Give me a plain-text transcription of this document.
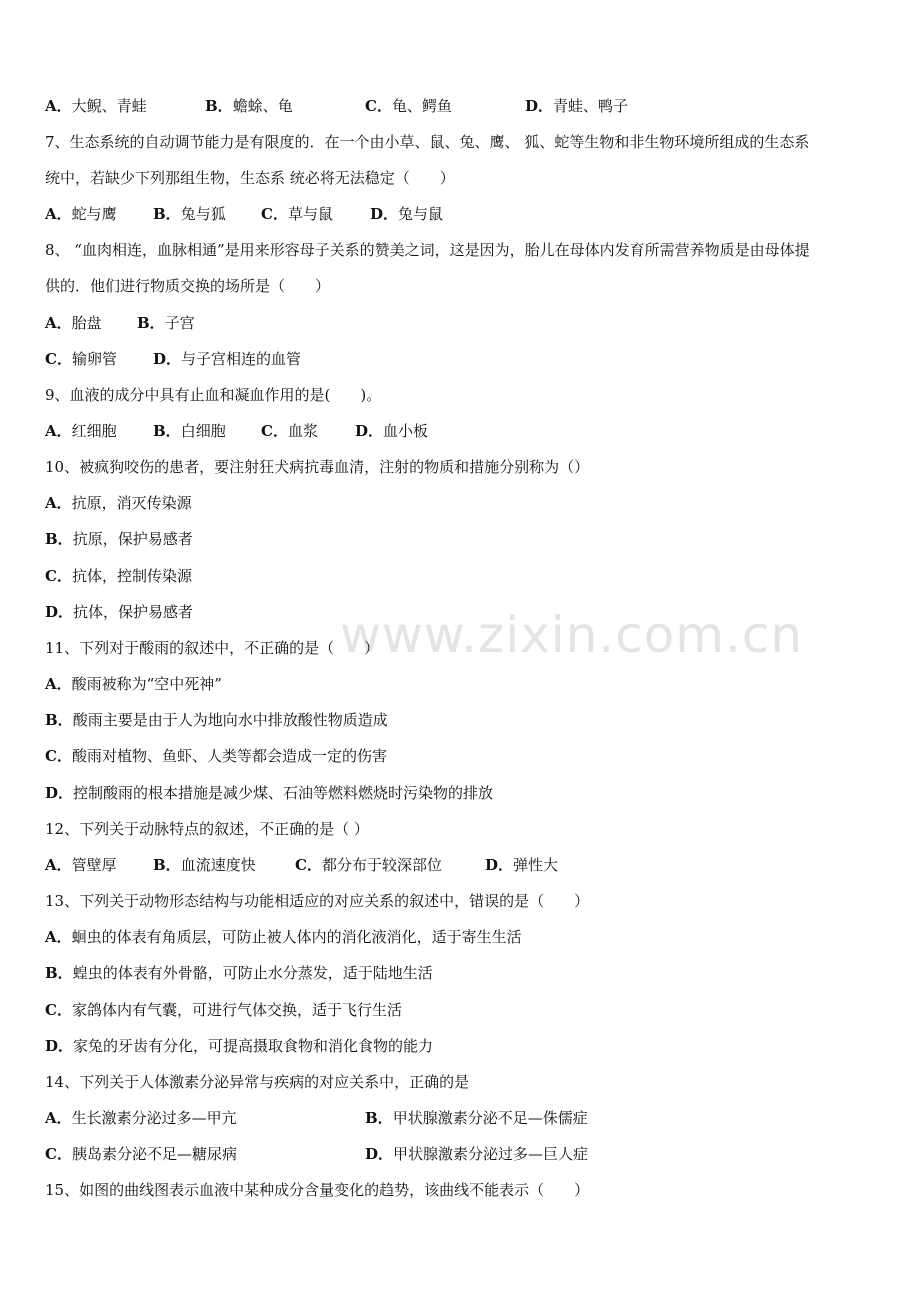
www.zixin.com.cn
A．大鲵、青蛙	B．蟾蜍、龟	C．龟、鳄鱼	D．青蛙、鸭子
7、生态系统的自动调节能力是有限度的．在一个由小草、鼠、兔、鹰、 狐、蛇等生物和非生物环境所组成的生态系
统中，若缺少下列那组生物，生态系 统必将无法稳定（　　）
A．蛇与鹰 B．兔与狐 C．草与鼠 D．兔与鼠
8、 “血肉相连，血脉相通”是用来形容母子关系的赞美之词，这是因为，胎儿在母体内发育所需营养物质是由母体提
供的．他们进行物质交换的场所是（　　）
A．胎盘 B．子宫
C．输卵管 D．与子宫相连的血管
9、血液的成分中具有止血和凝血作用的是(　　)。
A．红细胞 B．白细胞 C．血浆 D．血小板
10、被疯狗咬伤的患者，要注射狂犬病抗毒血清，注射的物质和措施分别称为（）
A．抗原，消灭传染源
B．抗原，保护易感者
C．抗体，控制传染源
D．抗体，保护易感者
11、下列对于酸雨的叙述中，不正确的是（　　）
A．酸雨被称为“空中死神”
B．酸雨主要是由于人为地向水中排放酸性物质造成
C．酸雨对植物、鱼虾、人类等都会造成一定的伤害
D．控制酸雨的根本措施是减少煤、石油等燃料燃烧时污染物的排放
12、下列关于动脉特点的叙述，不正确的是（ ）
A．管壁厚 B．血流速度快	C．都分布于较深部位	D．弹性大
13、下列关于动物形态结构与功能相适应的对应关系的叙述中，错误的是（　　）
A．蛔虫的体表有角质层，可防止被人体内的消化液消化，适于寄生生活
B．蝗虫的体表有外骨骼，可防止水分蒸发，适于陆地生活
C．家鸽体内有气囊，可进行气体交换，适于飞行生活
D．家兔的牙齿有分化，可提高摄取食物和消化食物的能力
14、下列关于人体激素分泌异常与疾病的对应关系中，正确的是
A．生长激素分泌过多—甲亢	B．甲状腺激素分泌不足—侏儒症
C．胰岛素分泌不足—糖尿病	D．甲状腺激素分泌过多—巨人症
15、如图的曲线图表示血液中某种成分含量变化的趋势，该曲线不能表示（　　）
